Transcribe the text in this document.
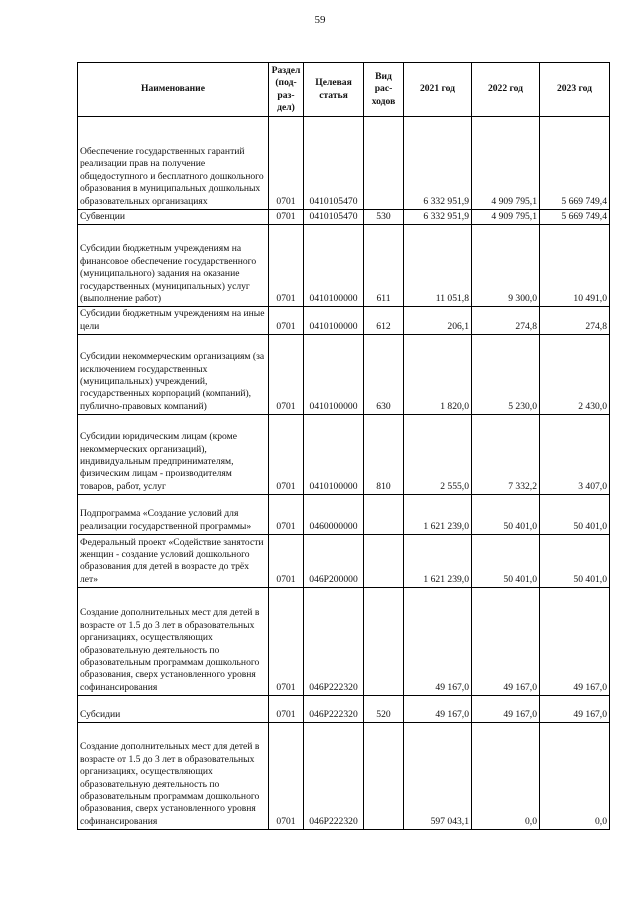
59
Наименование	Раздел (под-раз-дел)	Целевая статья	Вид рас-ходов	2021 год	2022 год	2023 год
Обеспечение государственных гарантий реализации прав на получение общедоступного и бесплатного дошкольного образования в муниципальных дошкольных образовательных организациях	0701	0410105470		6 332 951,9	4 909 795,1	5 669 749,4
Субвенции	0701	0410105470	530	6 332 951,9	4 909 795,1	5 669 749,4
Субсидии бюджетным учреждениям на финансовое обеспечение государственного (муниципального) задания на оказание государственных (муниципальных) услуг (выполнение работ)	0701	0410100000	611	11 051,8	9 300,0	10 491,0
Субсидии бюджетным учреждениям на иные цели	0701	0410100000	612	206,1	274,8	274,8
Субсидии некоммерческим организациям (за исключением государственных (муниципальных) учреждений, государственных корпораций (компаний), публично-правовых компаний)	0701	0410100000	630	1 820,0	5 230,0	2 430,0
Субсидии юридическим лицам (кроме некоммерческих организаций), индивидуальным предпринимателям, физическим лицам - производителям товаров, работ, услуг	0701	0410100000	810	2 555,0	7 332,2	3 407,0
Подпрограмма «Создание условий для реализации государственной программы»	0701	0460000000		1 621 239,0	50 401,0	50 401,0
Федеральный проект «Содействие занятости женщин - создание условий дошкольного образования для детей в возрасте до трёх лет»	0701	046P200000		1 621 239,0	50 401,0	50 401,0
Создание дополнительных мест для детей в возрасте от 1.5 до 3 лет в образовательных организациях, осуществляющих образовательную деятельность по образовательным программам дошкольного образования, сверх установленного уровня софинансирования	0701	046P222320		49 167,0	49 167,0	49 167,0
Субсидии	0701	046P222320	520	49 167,0	49 167,0	49 167,0
Создание дополнительных мест для детей в возрасте от 1.5 до 3 лет в образовательных организациях, осуществляющих образовательную деятельность по образовательным программам дошкольного образования, сверх установленного уровня софинансирования	0701	046P222320		597 043,1	0,0	0,0
